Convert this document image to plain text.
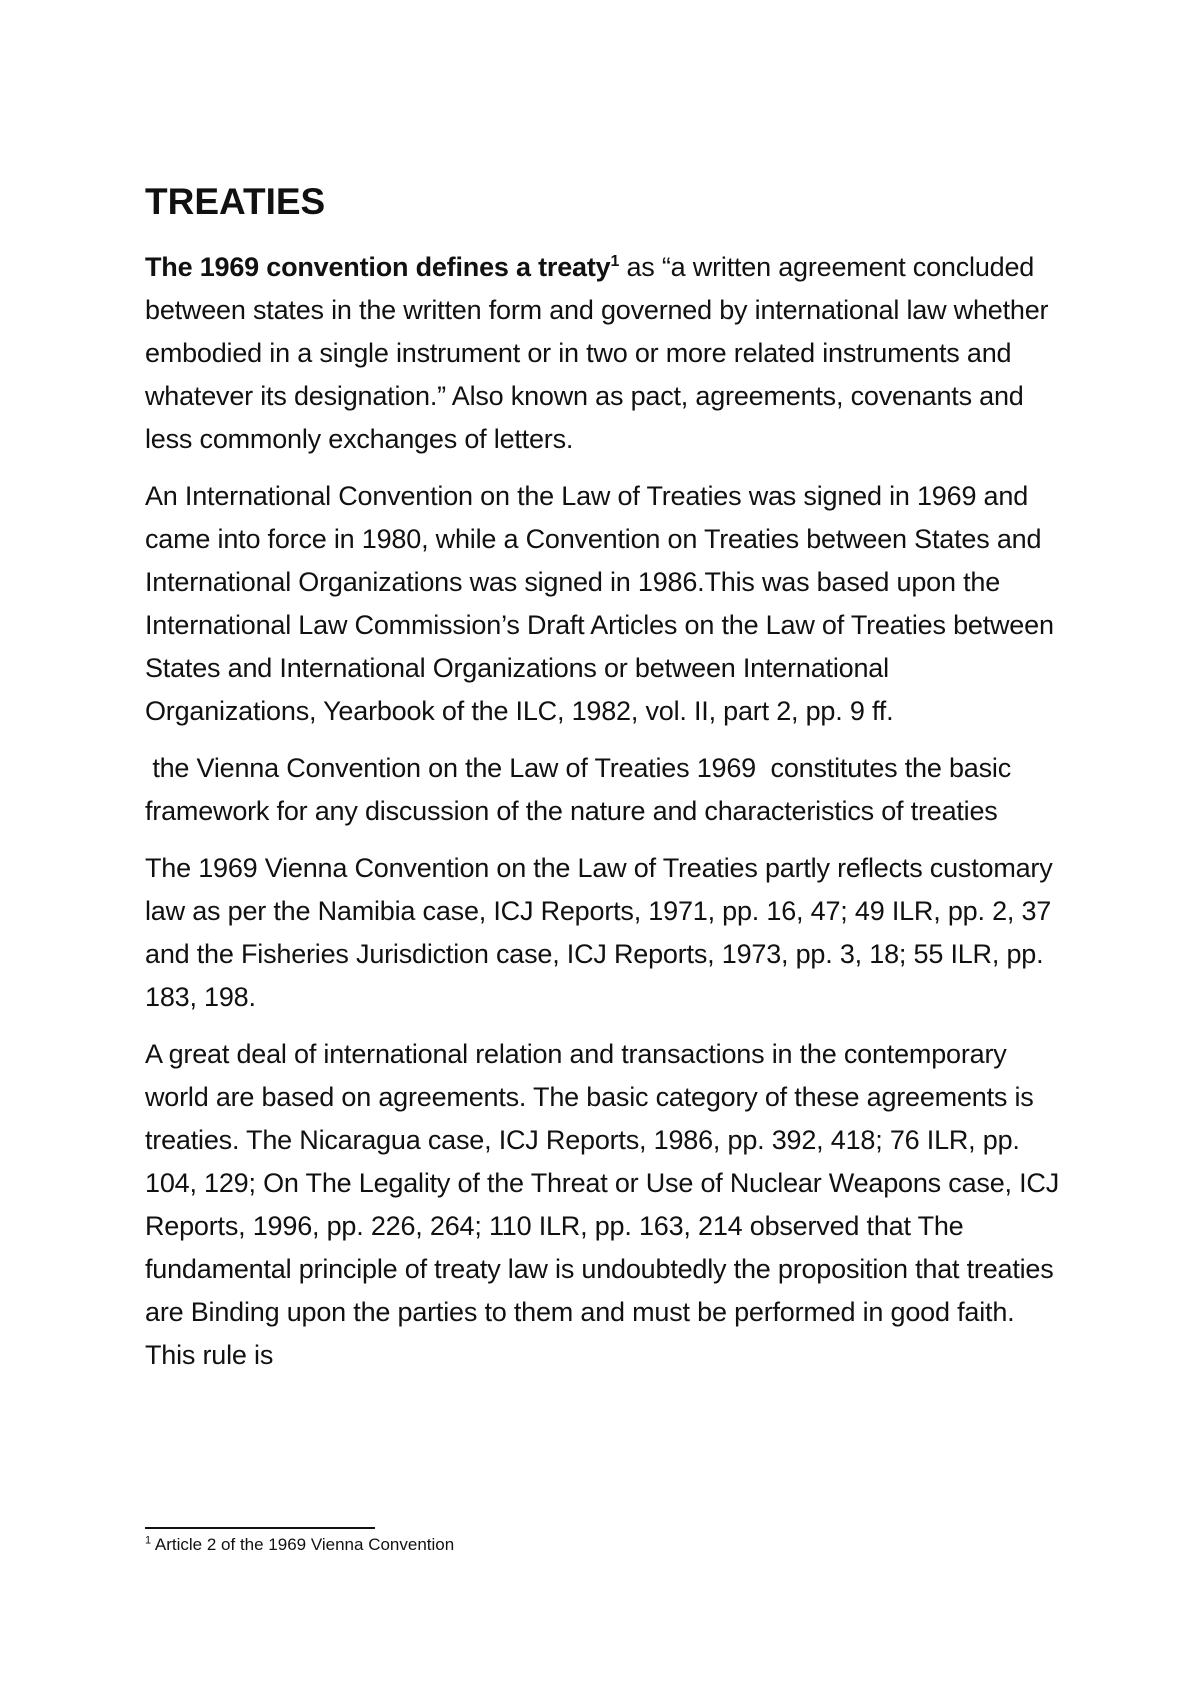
TREATIES

The 1969 convention defines a treaty$^1$ as “a written agreement concluded between states in the written form and governed by international law whether embodied in a single instrument or in two or more related instruments and whatever its designation.” Also known as pact, agreements, covenants and less commonly exchanges of letters.

An International Convention on the Law of Treaties was signed in 1969 and came into force in 1980, while a Convention on Treaties between States and International Organizations was signed in 1986.This was based upon the International Law Commission’s Draft Articles on the Law of Treaties between States and International Organizations or between International Organizations, Yearbook of the ILC, 1982, vol. II, part 2, pp. 9 ff.

the Vienna Convention on the Law of Treaties 1969  constitutes the basic framework for any discussion of the nature and characteristics of treaties

The 1969 Vienna Convention on the Law of Treaties partly reflects customary law as per the Namibia case, ICJ Reports, 1971, pp. 16, 47; 49 ILR, pp. 2, 37 and the Fisheries Jurisdiction case, ICJ Reports, 1973, pp. 3, 18; 55 ILR, pp. 183, 198.

A great deal of international relation and transactions in the contemporary world are based on agreements. The basic category of these agreements is treaties. The Nicaragua case, ICJ Reports, 1986, pp. 392, 418; 76 ILR, pp. 104, 129; On The Legality of the Threat or Use of Nuclear Weapons case, ICJ Reports, 1996, pp. 226, 264; 110 ILR, pp. 163, 214 observed that The fundamental principle of treaty law is undoubtedly the proposition that treaties are Binding upon the parties to them and must be performed in good faith. This rule is

$^1$ Article 2 of the 1969 Vienna Convention
